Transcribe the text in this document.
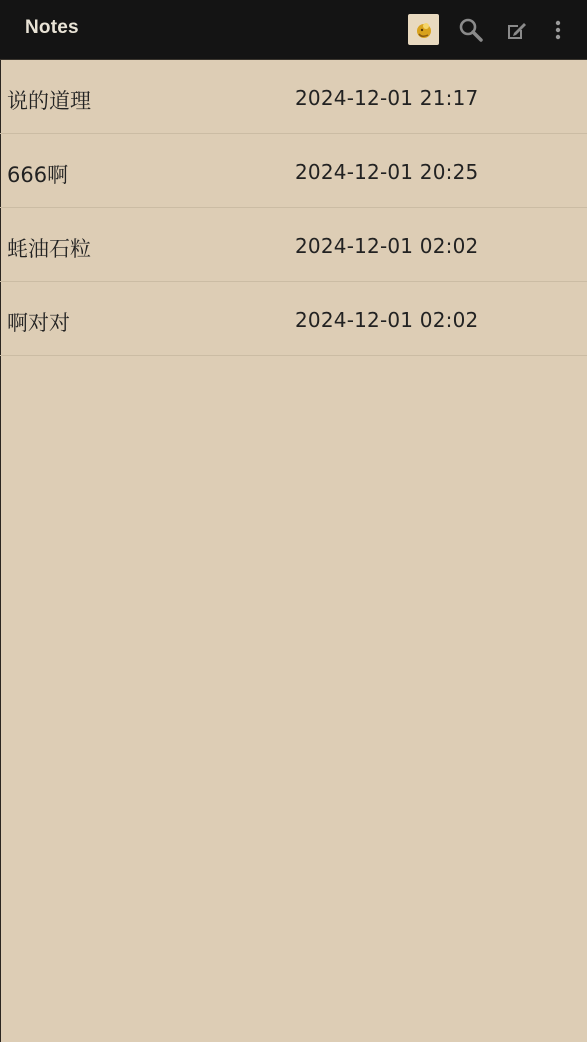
Notes
说的道理	2024-12-01 21:17
666啊	2024-12-01 20:25
蚝油石粒	2024-12-01 02:02
啊对对	2024-12-01 02:02
